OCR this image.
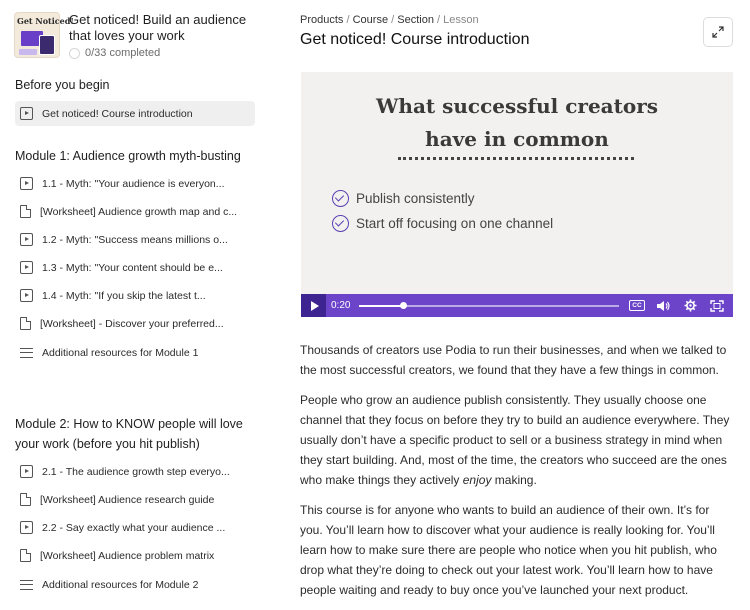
Get Noticed!
Get noticed! Build an audience that loves your work
0/33 completed
Before you begin
Get noticed! Course introduction
Module 1: Audience growth myth-busting
1.1 - Myth: "Your audience is everyon...
[Worksheet] Audience growth map and c...
1.2 - Myth: "Success means millions o...
1.3 - Myth: "Your content should be e...
1.4 - Myth: "If you skip the latest t...
[Worksheet] - Discover your preferred...
Additional resources for Module 1
Module 2: How to KNOW people will love your work (before you hit publish)
2.1 - The audience growth step everyo...
[Worksheet] Audience research guide
2.2 - Say exactly what your audience ...
[Worksheet] Audience problem matrix
Additional resources for Module 2
Products / Course / Section / Lesson
Get noticed! Course introduction
What successful creators
have in common
Publish consistently
Start off focusing on one channel
0:20	CC

Thousands of creators use Podia to run their businesses, and when we talked to the most successful creators, we found that they have a few things in common.

People who grow an audience publish consistently. They usually choose one channel that they focus on before they try to build an audience everywhere. They usually don’t have a specific product to sell or a business strategy in mind when they start building. And, most of the time, the creators who succeed are the ones who make things they actively enjoy making.

This course is for anyone who wants to build an audience of their own. It’s for you. You’ll learn how to discover what your audience is really looking for. You’ll learn how to make sure there are people who notice when you hit publish, who drop what they’re doing to check out your latest work. You’ll learn how to have people waiting and ready to buy once you’ve launched your next product.
